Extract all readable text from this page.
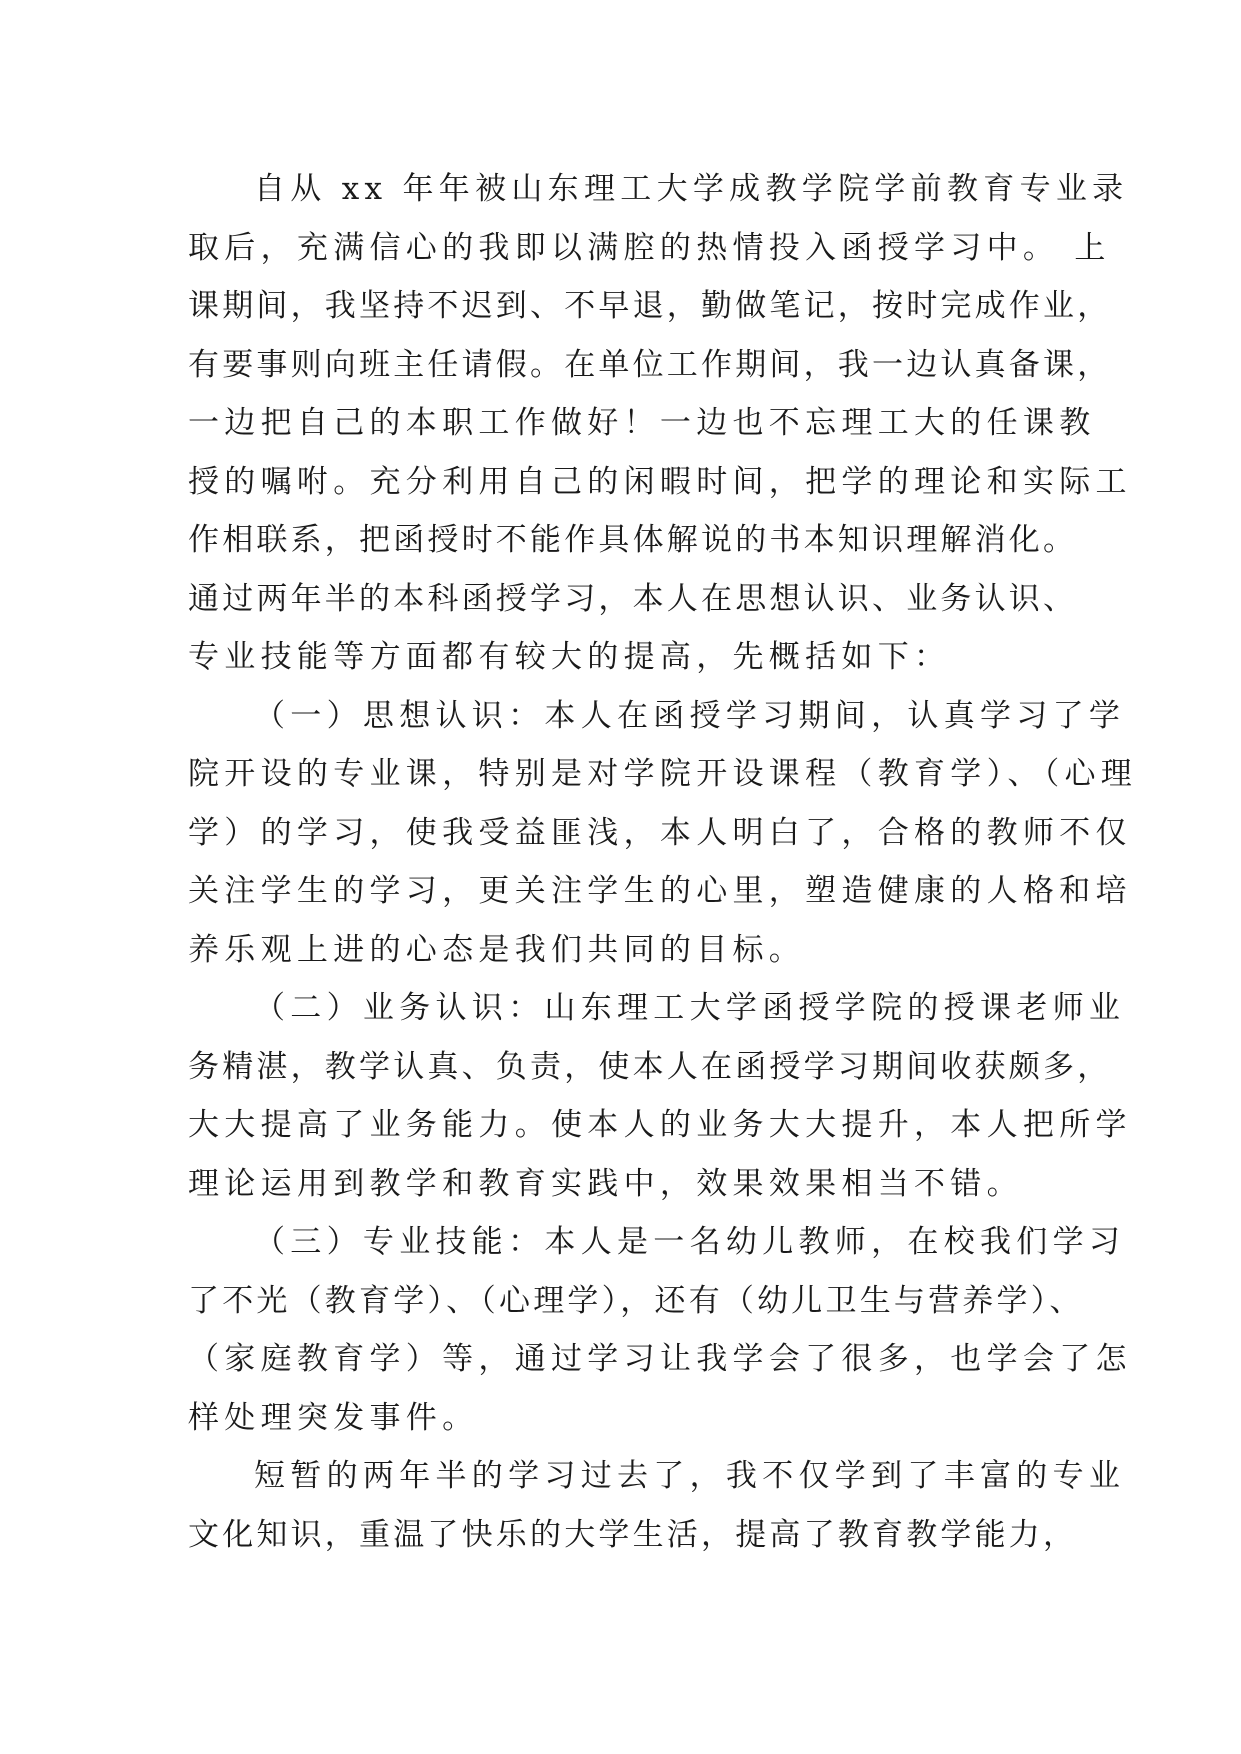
自从 xx 年年被山东理工大学成教学院学前教育专业录
取后，充满信心的我即以满腔的热情投入函授学习中。 上
课期间，我坚持不迟到、不早退，勤做笔记，按时完成作业，
有要事则向班主任请假。在单位工作期间，我一边认真备课，
一边把自己的本职工作做好！一边也不忘理工大的任课教
授的嘱咐。充分利用自己的闲暇时间，把学的理论和实际工
作相联系，把函授时不能作具体解说的书本知识理解消化。
通过两年半的本科函授学习，本人在思想认识、业务认识、
专业技能等方面都有较大的提高，先概括如下：
（一）思想认识：本人在函授学习期间，认真学习了学
院开设的专业课，特别是对学院开设课程（教育学）、（心理
学）的学习，使我受益匪浅，本人明白了，合格的教师不仅
关注学生的学习，更关注学生的心里，塑造健康的人格和培
养乐观上进的心态是我们共同的目标。
（二）业务认识：山东理工大学函授学院的授课老师业
务精湛，教学认真、负责，使本人在函授学习期间收获颇多，
大大提高了业务能力。使本人的业务大大提升，本人把所学
理论运用到教学和教育实践中，效果效果相当不错。
（三）专业技能：本人是一名幼儿教师，在校我们学习
了不光（教育学）、（心理学），还有（幼儿卫生与营养学）、
（家庭教育学）等，通过学习让我学会了很多，也学会了怎
样处理突发事件。
短暂的两年半的学习过去了，我不仅学到了丰富的专业
文化知识，重温了快乐的大学生活，提高了教育教学能力，
